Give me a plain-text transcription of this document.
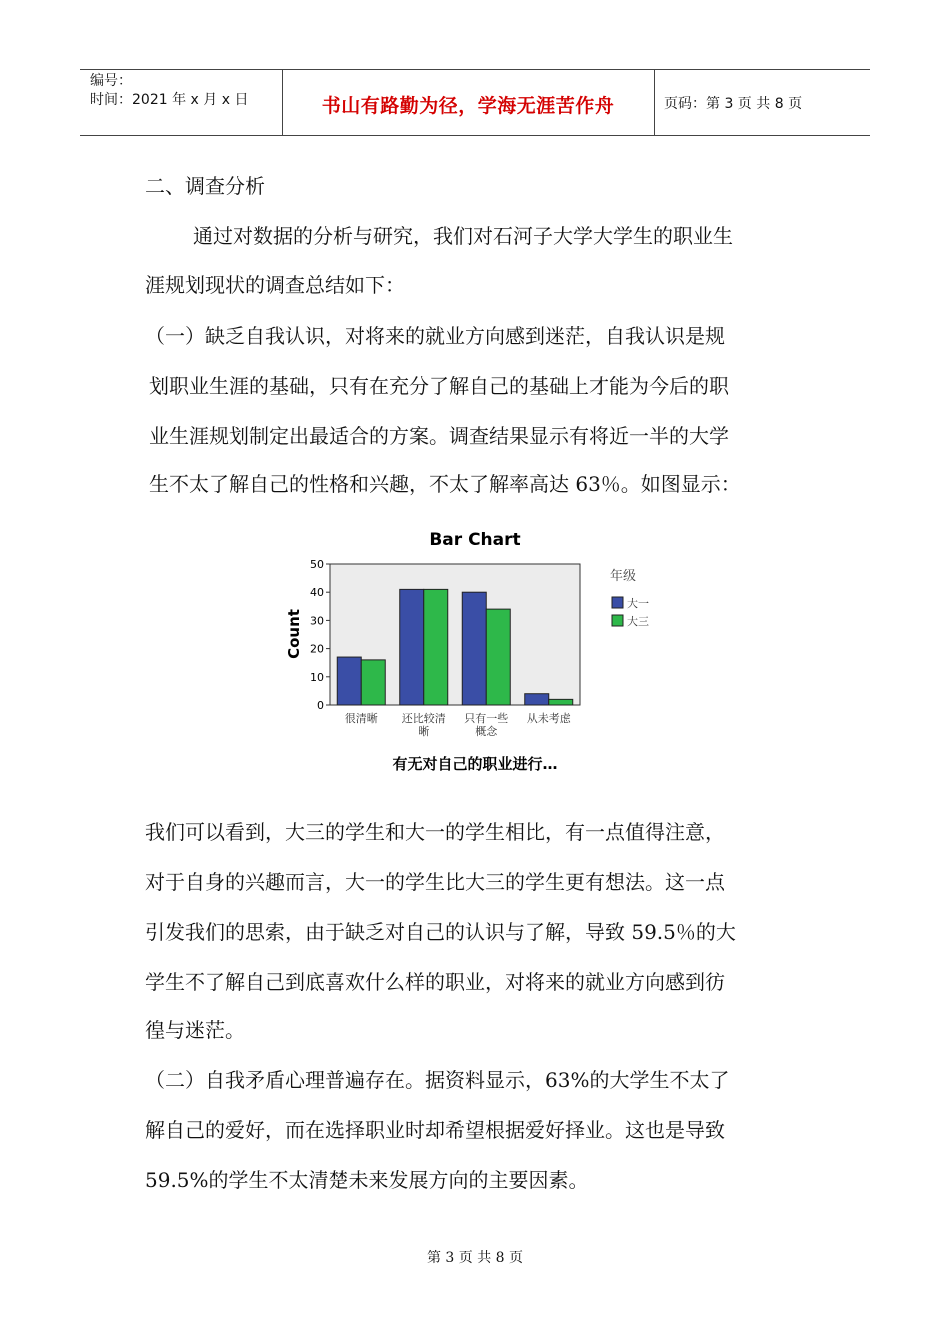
编号：
时间：2021 年 x 月 x 日	书山有路勤为径，学海无涯苦作舟	页码：第 3 页 共 8 页
二、调查分析
通过对数据的分析与研究，我们对石河子大学大学生的职业生
涯规划现状的调查总结如下：
（一）缺乏自我认识，对将来的就业方向感到迷茫，自我认识是规
划职业生涯的基础，只有在充分了解自己的基础上才能为今后的职
业生涯规划制定出最适合的方案。调查结果显示有将近一半的大学
生不太了解自己的性格和兴趣，不太了解率高达 63％。如图显示：
Bar Chart
Count
0
10
20
30
40
50
很清晰 还比较清
晰
只有一些
概念
从未考虑
有无对自己的职业进行…
年级
大一
大三
我们可以看到，大三的学生和大一的学生相比，有一点值得注意，
对于自身的兴趣而言，大一的学生比大三的学生更有想法。这一点
引发我们的思索，由于缺乏对自己的认识与了解，导致 59.5％的大
学生不了解自己到底喜欢什么样的职业，对将来的就业方向感到彷
徨与迷茫。
（二）自我矛盾心理普遍存在。据资料显示，63%的大学生不太了
解自己的爱好，而在选择职业时却希望根据爱好择业。这也是导致
59.5%的学生不太清楚未来发展方向的主要因素。
第 3 页 共 8 页
